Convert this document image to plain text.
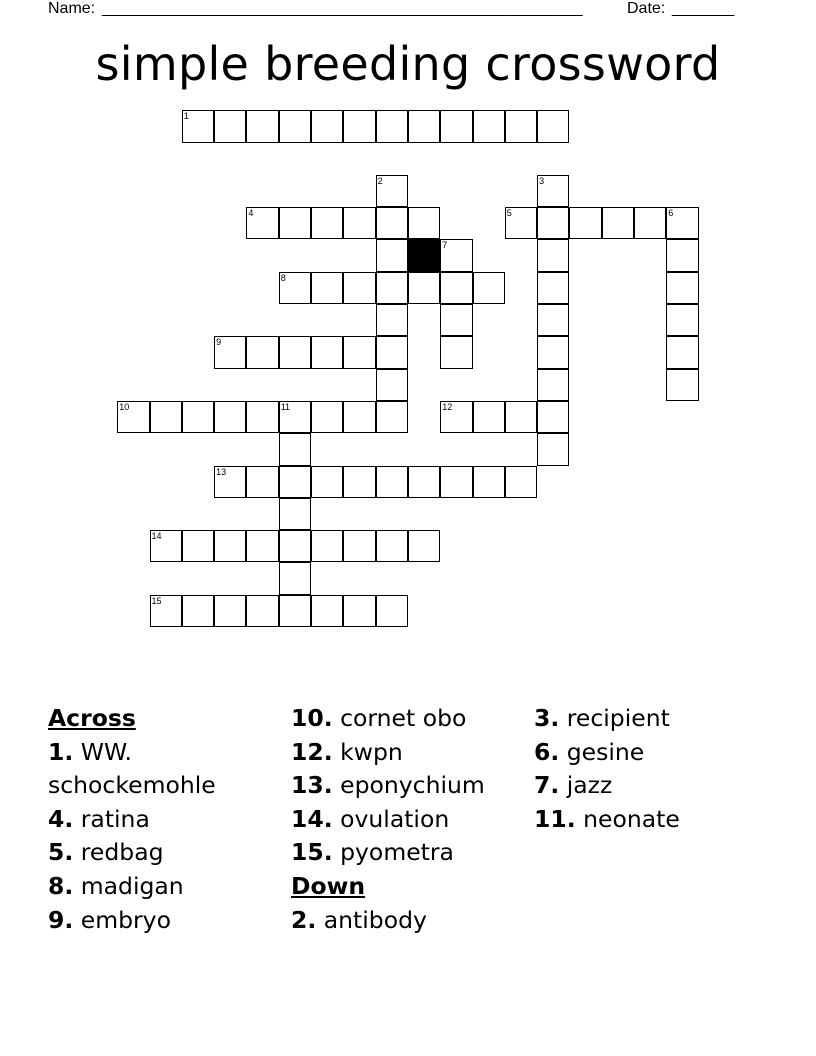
Name: ______________________________________________________	Date: _______
simple breeding crossword
1
2	3
4	5	6
7
8
9
10	11	12
13
14
15
Across
1. WW. schockemohle
4. ratina
5. redbag
8. madigan
9. embryo
10. cornet obo
12. kwpn
13. eponychium
14. ovulation
15. pyometra
Down
2. antibody
3. recipient
6. gesine
7. jazz
11. neonate
